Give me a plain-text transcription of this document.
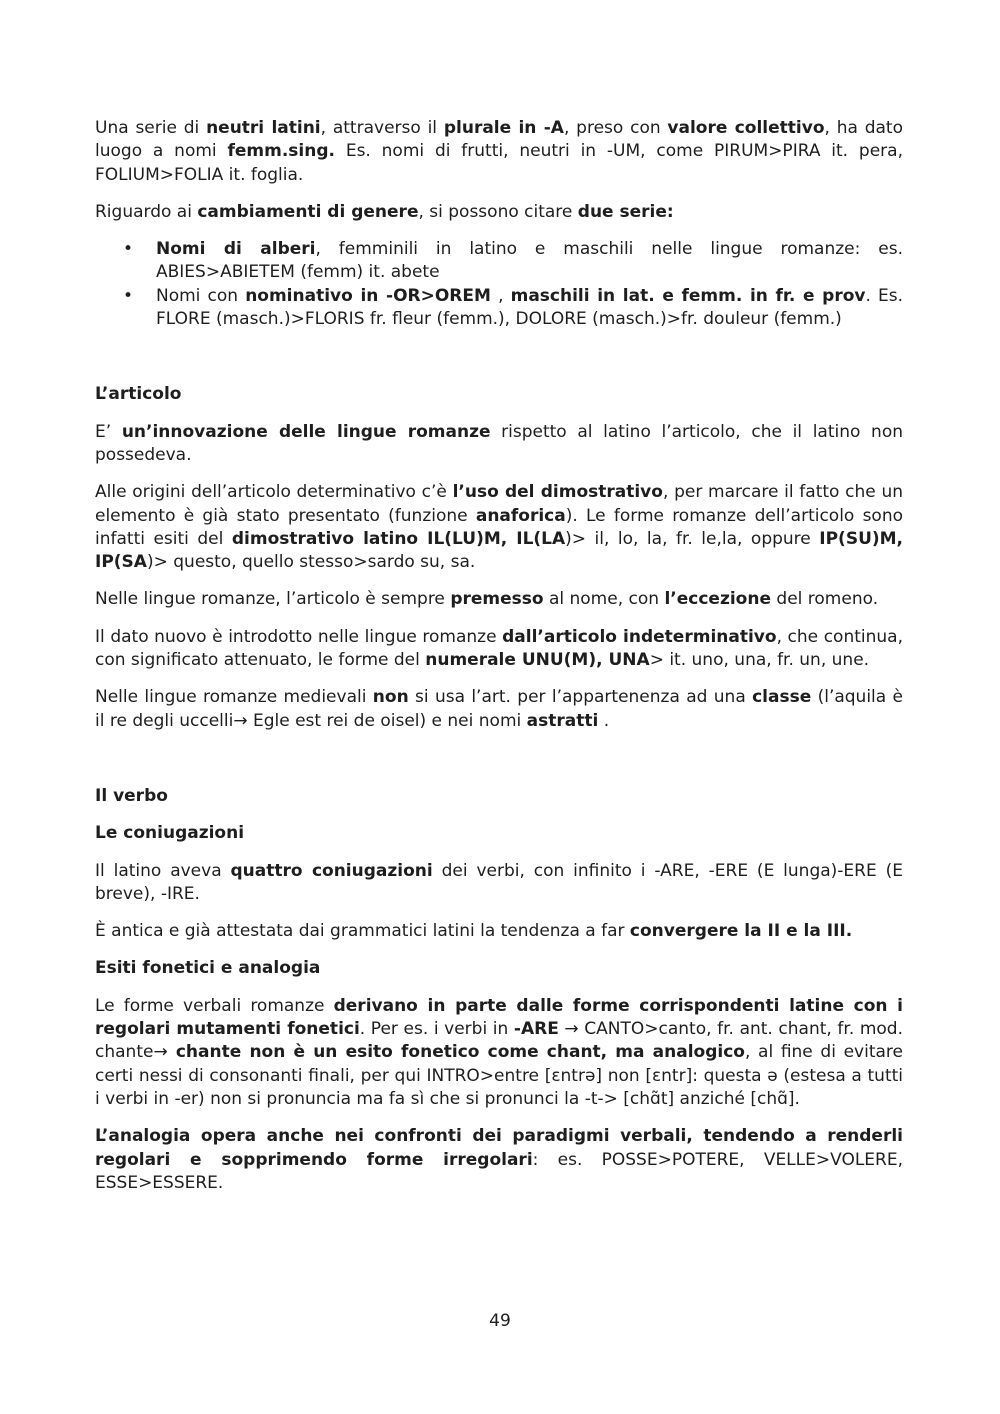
Una serie di neutri latini, attraverso il plurale in -A, preso con valore collettivo, ha dato luogo a nomi femm.sing. Es. nomi di frutti, neutri in -UM, come PIRUM>PIRA it. pera, FOLIUM>FOLIA it. foglia.

Riguardo ai cambiamenti di genere, si possono citare due serie:

• Nomi di alberi, femminili in latino e maschili nelle lingue romanze: es. ABIES>ABIETEM (femm) it. abete
• Nomi con nominativo in -OR>OREM , maschili in lat. e femm. in fr. e prov. Es. FLORE (masch.)>FLORIS fr. fleur (femm.), DOLORE (masch.)>fr. douleur (femm.)
L’articolo

E’ un’innovazione delle lingue romanze rispetto al latino l’articolo, che il latino non possedeva.

Alle origini dell’articolo determinativo c’è l’uso del dimostrativo, per marcare il fatto che un elemento è già stato presentato (funzione anaforica). Le forme romanze dell’articolo sono infatti esiti del dimostrativo latino IL(LU)M, IL(LA)> il, lo, la, fr. le,la, oppure IP(SU)M, IP(SA)> questo, quello stesso>sardo su, sa.

Nelle lingue romanze, l’articolo è sempre premesso al nome, con l’eccezione del romeno.

Il dato nuovo è introdotto nelle lingue romanze dall’articolo indeterminativo, che continua, con significato attenuato, le forme del numerale UNU(M), UNA> it. uno, una, fr. un, une.

Nelle lingue romanze medievali non si usa l’art. per l’appartenenza ad una classe (l’aquila è il re degli uccelli→ Egle est rei de oisel) e nei nomi astratti .

Il verbo
Le coniugazioni

Il latino aveva quattro coniugazioni dei verbi, con infinito i -ARE, -ERE (E lunga)-ERE (E breve), -IRE.

È antica e già attestata dai grammatici latini la tendenza a far convergere la II e la III.

Esiti fonetici e analogia

Le forme verbali romanze derivano in parte dalle forme corrispondenti latine con i regolari mutamenti fonetici. Per es. i verbi in -ARE → CANTO>canto, fr. ant. chant, fr. mod. chante→ chante non è un esito fonetico come chant, ma analogico, al fine di evitare certi nessi di consonanti finali, per qui INTRO>entre [ɛntrə] non [ɛntr]: questa ə (estesa a tutti i verbi in -er) non si pronuncia ma fa sì che si pronunci la -t-> [chɑ̃t] anziché [chɑ̃].

L’analogia opera anche nei confronti dei paradigmi verbali, tendendo a renderli regolari e sopprimendo forme irregolari: es. POSSE>POTERE, VELLE>VOLERE, ESSE>ESSERE.

49
